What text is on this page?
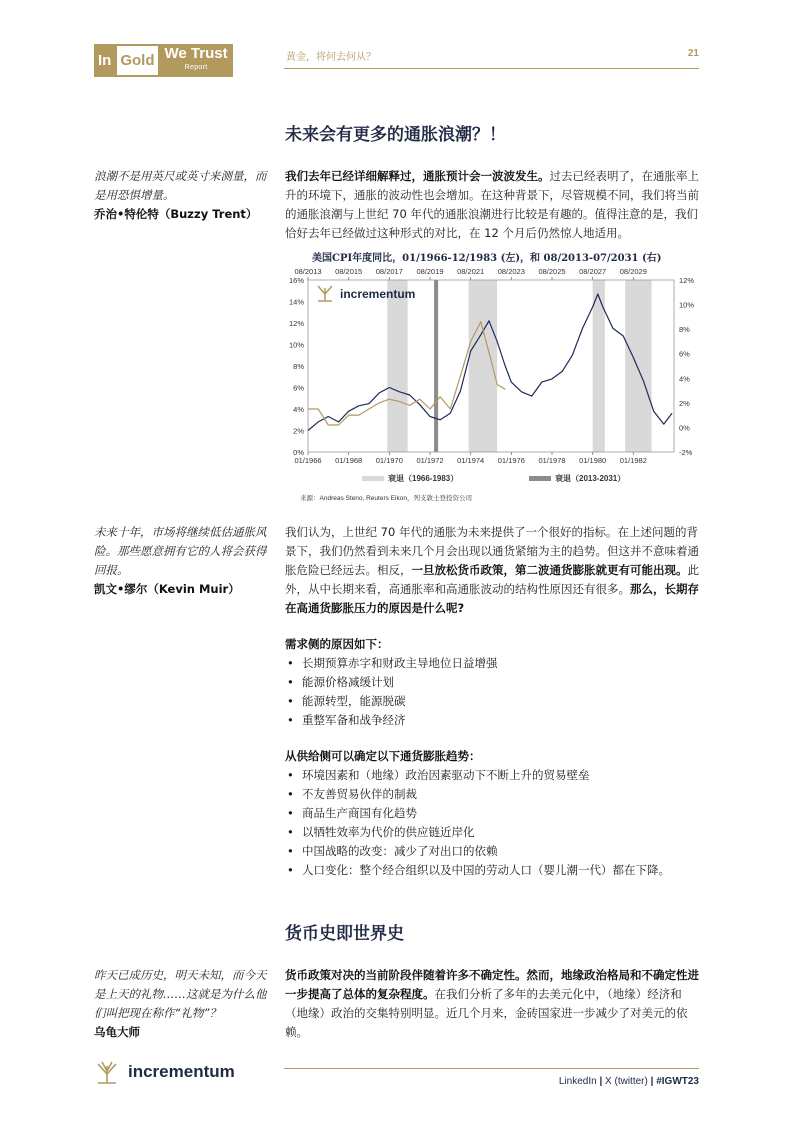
In Gold We Trust
Report
黄金，将何去何从？	21
未来会有更多的通胀浪潮？！
浪潮不是用英尺或英寸来测量，而是用恐惧增量。
乔治•特伦特（Buzzy Trent）
我们去年已经详细解释过，通胀预计会一波波发生。过去已经表明了，在通胀率上升的环境下，通胀的波动性也会增加。在这种背景下，尽管规模不同，我们将当前的通胀浪潮与上世纪 70 年代的通胀浪潮进行比较是有趣的。值得注意的是，我们恰好去年已经做过这种形式的对比，在 12 个月后仍然惊人地适用。
美国CPI年度同比，01/1966-12/1983 (左)，和 08/2013-07/2031 (右)
incrementum
0%
2%
4%
6%
8%
10%
12%
14%
16%
-2%
0%
2%
4%
6%
8%
10%
12%
01/1966 01/1968 01/1970 01/1972 01/1974 01/1976 01/1978 01/1980 01/1982
08/2013 08/2015 08/2017 08/2019 08/2021 08/2023 08/2025 08/2027 08/2029
衰退（1966-1983）	衰退（2013-2031）
来源：Andreas Steno, Reuters Eikon，列支敦士登投资公司
未来十年，市场将继续低估通胀风险。那些愿意拥有它的人将会获得回报。
凯文•缪尔（Kevin Muir）
我们认为，上世纪 70 年代的通胀为未来提供了一个很好的指标。在上述问题的背景下，我们仍然看到未来几个月会出现以通货紧缩为主的趋势。但这并不意味着通胀危险已经远去。相反，一旦放松货币政策，第二波通货膨胀就更有可能出现。此外，从中长期来看，高通胀率和高通胀波动的结构性原因还有很多。那么，长期存在高通货膨胀压力的原因是什么呢?
需求侧的原因如下：
• 长期预算赤字和财政主导地位日益增强
• 能源价格减缓计划
• 能源转型，能源脱碳
• 重整军备和战争经济
从供给侧可以确定以下通货膨胀趋势：
• 环境因素和（地缘）政治因素驱动下不断上升的贸易壁垒
• 不友善贸易伙伴的制裁
• 商品生产商国有化趋势
• 以牺牲效率为代价的供应链近岸化
• 中国战略的改变：减少了对出口的依赖
• 人口变化：整个经合组织以及中国的劳动人口（婴儿潮一代）都在下降。
货币史即世界史
昨天已成历史，明天未知，而今天是上天的礼物……这就是为什么他们叫把现在称作“礼物”？
乌龟大师
货币政策对决的当前阶段伴随着许多不确定性。然而，地缘政治格局和不确定性进一步提高了总体的复杂程度。在我们分析了多年的去美元化中，（地缘）经济和（地缘）政治的交集特别明显。近几个月来，金砖国家进一步减少了对美元的依赖。
incrementum
LinkedIn | X (twitter) | #IGWT23
